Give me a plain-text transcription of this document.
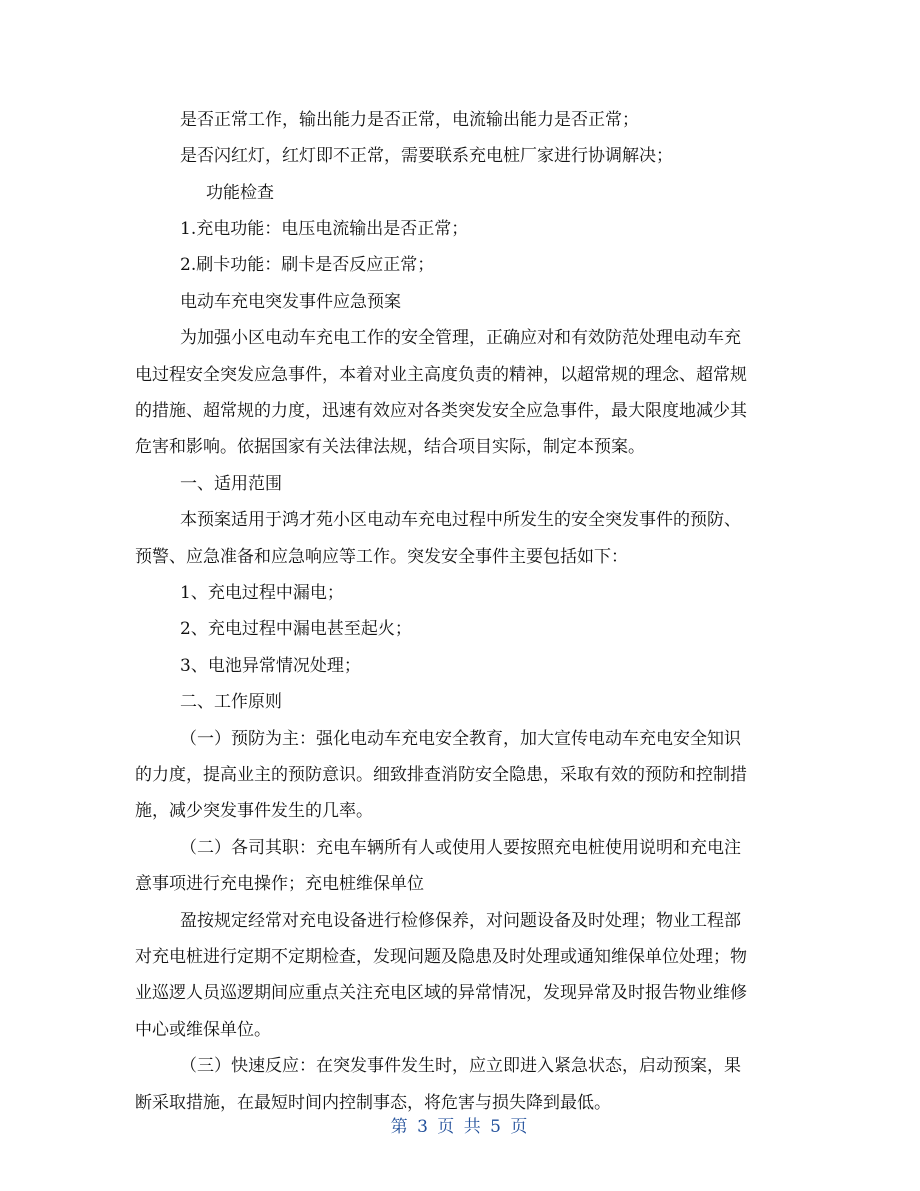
是否正常工作，输出能力是否正常，电流输出能力是否正常；
是否闪红灯，红灯即不正常，需要联系充电桩厂家进行协调解决；
功能检查
1.充电功能：电压电流输出是否正常；
2.刷卡功能：刷卡是否反应正常；
电动车充电突发事件应急预案
为加强小区电动车充电工作的安全管理，正确应对和有效防范处理电动车充
电过程安全突发应急事件，本着对业主高度负责的精神，以超常规的理念、超常规
的措施、超常规的力度，迅速有效应对各类突发安全应急事件，最大限度地减少其
危害和影响。依据国家有关法律法规，结合项目实际，制定本预案。
一、适用范围
本预案适用于鸿才苑小区电动车充电过程中所发生的安全突发事件的预防、
预警、应急准备和应急响应等工作。突发安全事件主要包括如下：
1、充电过程中漏电；
2、充电过程中漏电甚至起火；
3、电池异常情况处理；
二、工作原则
（一）预防为主：强化电动车充电安全教育，加大宣传电动车充电安全知识
的力度，提高业主的预防意识。细致排查消防安全隐患，采取有效的预防和控制措
施，减少突发事件发生的几率。
（二）各司其职：充电车辆所有人或使用人要按照充电桩使用说明和充电注
意事项进行充电操作；充电桩维保单位
盈按规定经常对充电设备进行检修保养，对问题设备及时处理；物业工程部
对充电桩进行定期不定期检查，发现问题及隐患及时处理或通知维保单位处理；物
业巡逻人员巡逻期间应重点关注充电区域的异常情况，发现异常及时报告物业维修
中心或维保单位。
（三）快速反应：在突发事件发生时，应立即进入紧急状态，启动预案，果
断采取措施，在最短时间内控制事态，将危害与损失降到最低。
第 3 页 共 5 页
